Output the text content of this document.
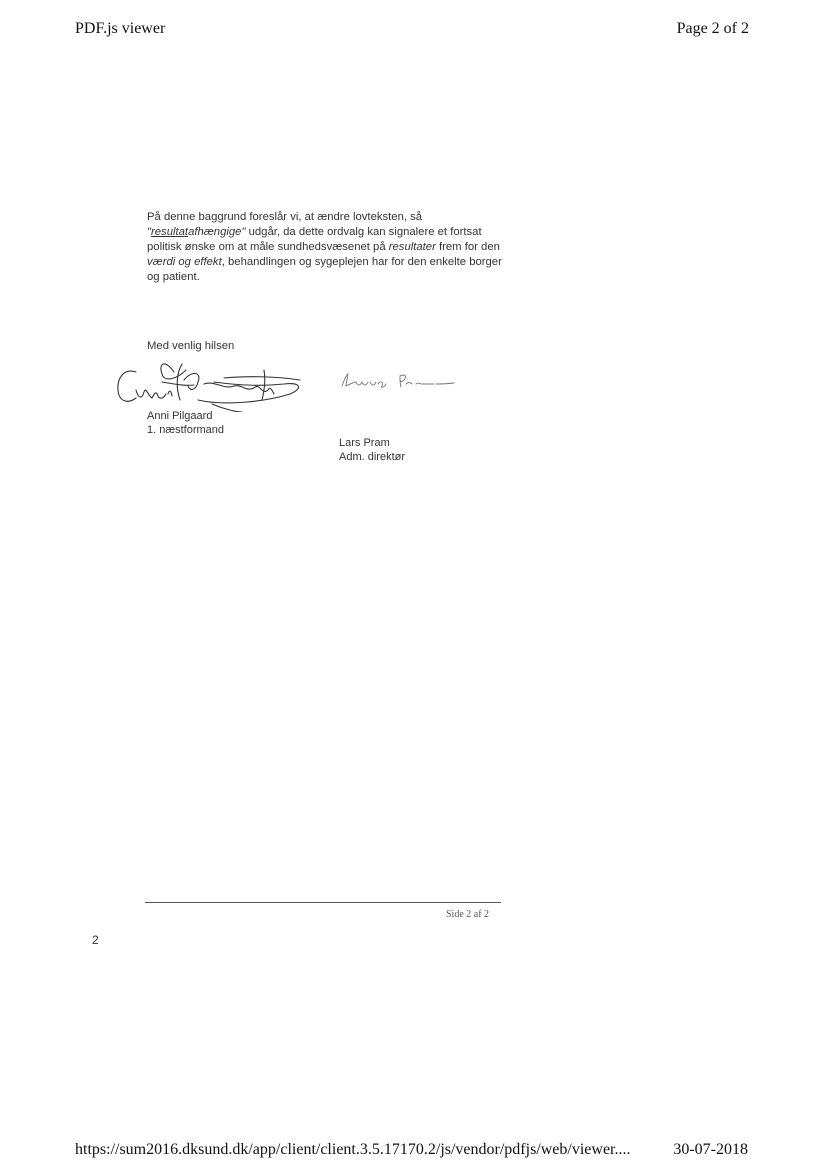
PDF.js viewer	Page 2 of 2

På denne baggrund foreslår vi, at ændre lovteksten, så
"resultatafhængige" udgår, da dette ordvalg kan signalere et fortsat politisk ønske om at måle sundhedsvæsenet på resultater frem for den værdi og effekt, behandlingen og sygeplejen har for den enkelte borger og patient.

Med venlig hilsen
Anni Pilgaard
1. næstformand
Lars Pram
Adm. direktør
Side 2 af 2
2
https://sum2016.dksund.dk/app/client/client.3.5.17170.2/js/vendor/pdfjs/web/viewer....	30-07-2018
